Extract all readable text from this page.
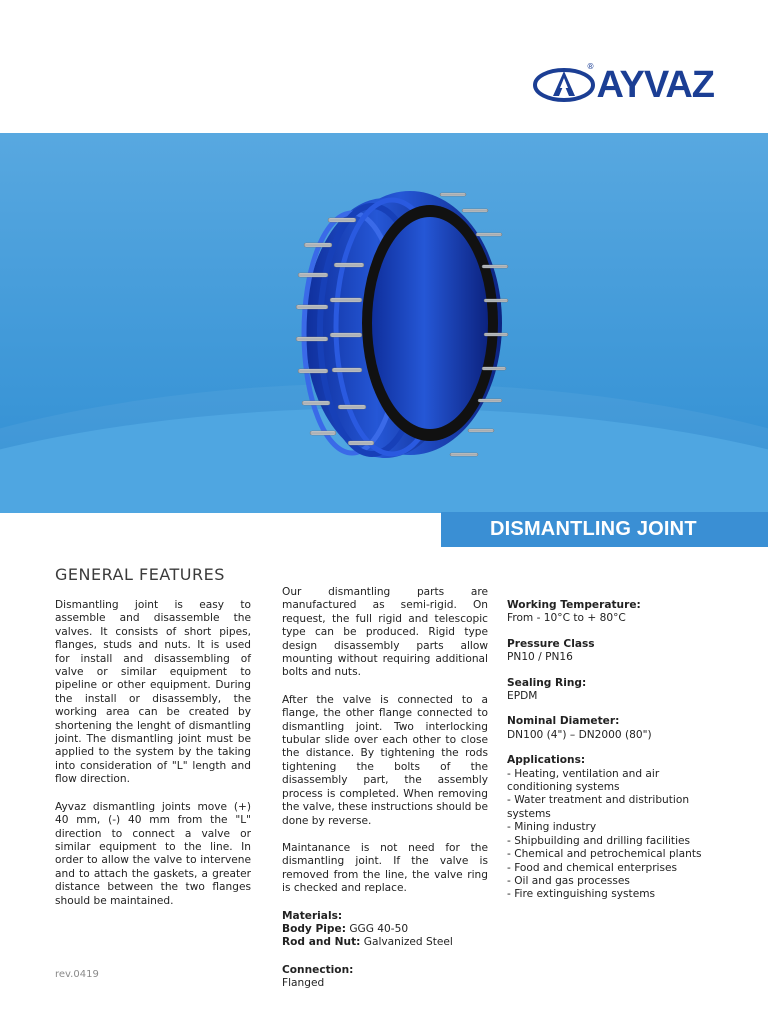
® AYVAZ
DISMANTLING JOINT
GENERAL FEATURES

Dismantling joint is easy to assemble and disassemble the valves. It consists of short pipes, flanges, studs and nuts. It is used for install and disassembling of valve or similar equipment to pipeline or other equipment. During the install or disassembly, the working area can be created by shortening the lenght of dismantling joint. The dismantling joint must be applied to the system by the taking into consideration of "L" length and flow direction.

Ayvaz dismantling joints move (+) 40 mm, (-) 40 mm from the "L" direction to connect a valve or similar equipment to the line. In order to allow the valve to intervene and to attach the gaskets, a greater distance between the two flanges should be maintained.

Our dismantling parts are manufactured as semi-rigid. On request, the full rigid and telescopic type can be produced. Rigid type design disassembly parts allow mounting without requiring additional bolts and nuts.

After the valve is connected to a flange, the other flange connected to dismantling joint. Two interlocking tubular slide over each other to close the distance. By tightening the rods tightening the bolts of the disassembly part, the assembly process is completed. When removing the valve, these instructions should be done by reverse.

Maintanance is not need for the dismantling joint. If the valve is removed from the line, the valve ring is checked and replace.

Materials:

Body Pipe: GGG 40-50

Rod and Nut: Galvanized Steel

Connection:

Flanged

Working Temperature:

From - 10°C to + 80°C

Pressure Class

PN10 / PN16

Sealing Ring:

EPDM

Nominal Diameter:

DN100 (4") – DN2000 (80")

Applications:

- Heating, ventilation and air conditioning systems
- Water treatment and distribution systems
- Mining industry
- Shipbuilding and drilling facilities
- Chemical and petrochemical plants
- Food and chemical enterprises
- Oil and gas processes
- Fire extinguishing systems
rev.0419
